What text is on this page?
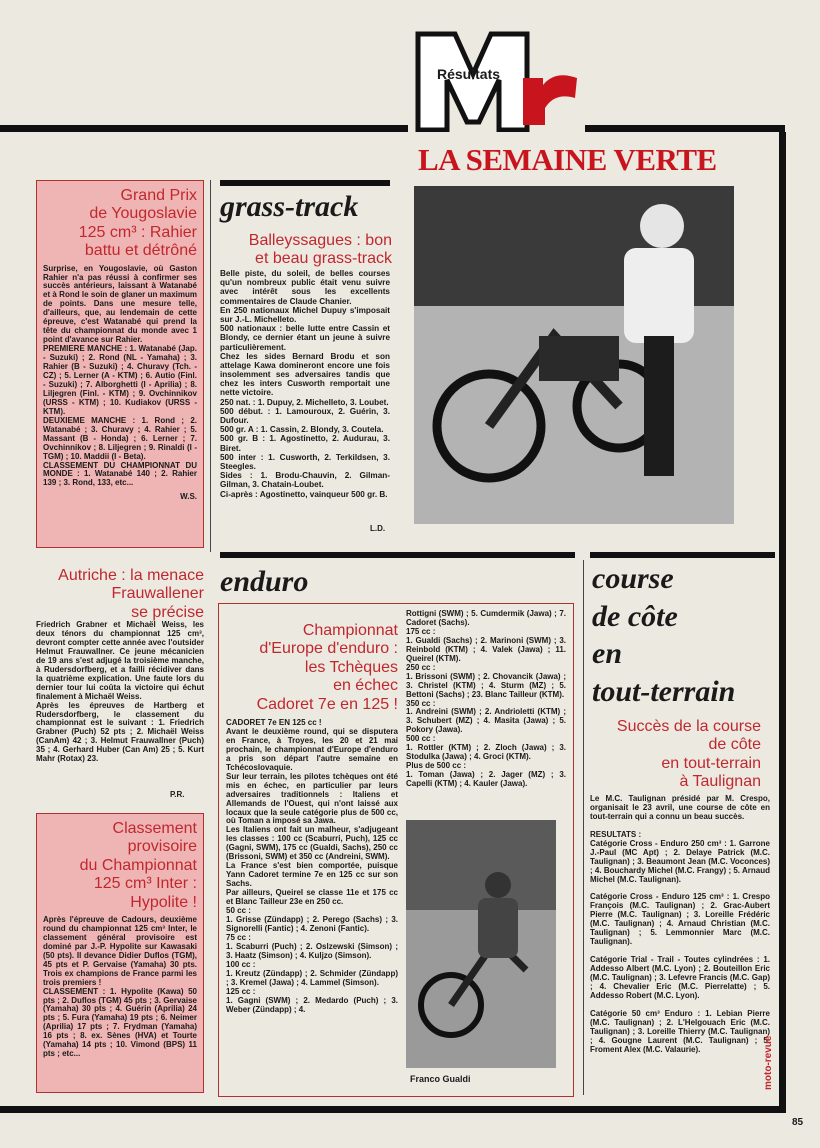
Résultats
LA SEMAINE VERTE
Grand Prix
de Yougoslavie
125 cm³ : Rahier
battu et détrôné
Surprise, en Yougoslavie, où Gaston Rahier n'a pas réussi à confirmer ses succès antérieurs, laissant à Watanabé et à Rond le soin de glaner un maximum de points. Dans une mesure telle, d'ailleurs, que, au lendemain de cette épreuve, c'est Watanabé qui prend la tête du championnat du monde avec 1 point d'avance sur Rahier.
PREMIERE MANCHE : 1. Watanabé (Jap. - Suzuki) ; 2. Rond (NL - Yamaha) ; 3. Rahier (B - Suzuki) ; 4. Churavy (Tch. - CZ) ; 5. Lerner (A - KTM) ; 6. Autio (Finl. - Suzuki) ; 7. Alborghetti (I - Aprilia) ; 8. Liljegren (Finl. - KTM) ; 9. Ovchinnikov (URSS - KTM) ; 10. Kudiakov (URSS - KTM).
DEUXIEME MANCHE : 1. Rond ; 2. Watanabé ; 3. Churavy ; 4. Rahier ; 5. Massant (B - Honda) ; 6. Lerner ; 7. Ovchinnikov ; 8. Liljegren ; 9. Rinaldi (I - TGM) ; 10. Maddii (I - Beta).
CLASSEMENT DU CHAMPIONNAT DU MONDE : 1. Watanabé 140 ; 2. Rahier 139 ; 3. Rond, 133, etc...
W.S.
grass-track
Balleyssagues : bon
et beau grass-track
Belle piste, du soleil, de belles courses qu'un nombreux public était venu suivre avec intérêt sous les excellents commentaires de Claude Chanier.
En 250 nationaux Michel Dupuy s'imposait sur J.-L. Michelleto.
500 nationaux : belle lutte entre Cassin et Blondy, ce dernier étant un jeune à suivre particulièrement.
Chez les sides Bernard Brodu et son attelage Kawa domineront encore une fois insolemment ses adversaires tandis que chez les inters Cusworth remportait une nette victoire.
250 nat. : 1. Dupuy, 2. Michelleto, 3. Loubet.
500 début. : 1. Lamouroux, 2. Guérin, 3. Dufour.
500 gr. A : 1. Cassin, 2. Blondy, 3. Coutela.
500 gr. B : 1. Agostinetto, 2. Audurau, 3. Biret.
500 inter : 1. Cusworth, 2. Terkildsen, 3. Steegles.
Sides : 1. Brodu-Chauvin, 2. Gilman-Gilman, 3. Chatain-Loubet.
Ci-après : Agostinetto, vainqueur 500 gr. B.
L.D.
Autriche : la menace
Frauwallener
se précise
Friedrich Grabner et Michaël Weiss, les deux ténors du championnat 125 cm³, devront compter cette année avec l'outsider Helmut Frauwallner. Ce jeune mécanicien de 19 ans s'est adjugé la troisième manche, à Rudersdorfberg, et a failli récidiver dans la quatrième explication. Une faute lors du dernier tour lui coûta la victoire qui échut finalement à Michaël Weiss.
Après les épreuves de Hartberg et Rudersdorfberg, le classement du championnat est le suivant : 1. Friedrich Grabner (Puch) 52 pts ; 2. Michaël Weiss (CanAm) 42 ; 3. Helmut Frauwallner (Puch) 35 ; 4. Gerhard Huber (Can Am) 25 ; 5. Kurt Mahr (Rotax) 23.
P.R.
Classement
provisoire
du Championnat
125 cm³ Inter :
Hypolite !
Après l'épreuve de Cadours, deuxième round du championnat 125 cm³ Inter, le classement général provisoire est dominé par J.-P. Hypolite sur Kawasaki (50 pts). Il devance Didier Duflos (TGM), 45 pts et P. Gervaise (Yamaha) 30 pts. Trois ex champions de France parmi les trois premiers !
CLASSEMENT : 1. Hypolite (Kawa) 50 pts ; 2. Duflos (TGM) 45 pts ; 3. Gervaise (Yamaha) 30 pts ; 4. Guérin (Aprilia) 24 pts ; 5. Fura (Yamaha) 19 pts ; 6. Neimer (Aprilia) 17 pts ; 7. Frydman (Yamaha) 16 pts ; 8. ex. Sènes (HVA) et Tourte (Yamaha) 14 pts ; 10. Vimond (BPS) 11 pts ; etc...
enduro
Championnat
d'Europe d'enduro :
les Tchèques
en échec
Cadoret 7e en 125 !
CADORET 7e EN 125 cc !
Avant le deuxième round, qui se disputera en France, à Troyes, les 20 et 21 mai prochain, le championnat d'Europe d'enduro a pris son départ l'autre semaine en Tchécoslovaquie.
Sur leur terrain, les pilotes tchèques ont été mis en échec, en particulier par leurs adversaires traditionnels : Italiens et Allemands de l'Ouest, qui n'ont laissé aux locaux que la seule catégorie plus de 500 cc, où Toman a imposé sa Jawa.
Les Italiens ont fait un malheur, s'adjugeant les classes : 100 cc (Scaburri, Puch), 125 cc (Gagni, SWM), 175 cc (Gualdi, Sachs), 250 cc (Brissoni, SWM) et 350 cc (Andreini, SWM).
La France s'est bien comportée, puisque Yann Cadoret termine 7e en 125 cc sur son Sachs.
Par ailleurs, Queirel se classe 11e et 175 cc et Blanc Tailleur 23e en 250 cc.
50 cc :
1. Grisse (Zündapp) ; 2. Perego (Sachs) ; 3. Signorelli (Fantic) ; 4. Zenoni (Fantic).
75 cc :
1. Scaburri (Puch) ; 2. Oslzewski (Simson) ; 3. Haatz (Simson) ; 4. Kuljzo (Simson).
100 cc :
1. Kreutz (Zündapp) ; 2. Schmider (Zündapp) ; 3. Kremel (Jawa) ; 4. Lammel (Simson).
125 cc :
1. Gagni (SWM) ; 2. Medardo (Puch) ; 3. Weber (Zündapp) ; 4.
Rottigni (SWM) ; 5. Cumdermik (Jawa) ; 7. Cadoret (Sachs).
175 cc :
1. Gualdi (Sachs) ; 2. Marinoni (SWM) ; 3. Reinbold (KTM) ; 4. Valek (Jawa) ; 11. Queirel (KTM).
250 cc :
1. Brissoni (SWM) ; 2. Chovancik (Jawa) ; 3. Christel (KTM) ; 4. Sturm (MZ) ; 5. Bettoni (Sachs) ; 23. Blanc Tailleur (KTM).
350 cc :
1. Andreini (SWM) ; 2. Andrioletti (KTM) ; 3. Schubert (MZ) ; 4. Masita (Jawa) ; 5. Pokory (Jawa).
500 cc :
1. Rottler (KTM) ; 2. Zloch (Jawa) ; 3. Stodulka (Jawa) ; 4. Groci (KTM).
Plus de 500 cc :
1. Toman (Jawa) ; 2. Jager (MZ) ; 3. Capelli (KTM) ; 4. Kauler (Jawa).
Franco Gualdi
course
de côte
en
tout-terrain
Succès de la course
de côte
en tout-terrain
à Taulignan
Le M.C. Taulignan présidé par M. Crespo, organisait le 23 avril, une course de côte en tout-terrain qui a connu un beau succès.

RESULTATS :
Catégorie Cross - Enduro 250 cm³ : 1. Garrone J.-Paul (MC Apt) ; 2. Delaye Patrick (M.C. Taulignan) ; 3. Beaumont Jean (M.C. Voconces) ; 4. Bouchardy Michel (M.C. Frangy) ; 5. Arnaud Michel (M.C. Taulignan).

Catégorie Cross - Enduro 125 cm³ : 1. Crespo François (M.C. Taulignan) ; 2. Grac-Aubert Pierre (M.C. Taulignan) ; 3. Loreille Frédéric (M.C. Taulignan) ; 4. Arnaud Christian (M.C. Taulignan) ; 5. Lemmonnier Marc (M.C. Taulignan).

Catégorie Trial - Trail - Toutes cylindrées : 1. Addesso Albert (M.C. Lyon) ; 2. Bouteillon Eric (M.C. Taulignan) ; 3. Lefevre Francis (M.C. Gap) ; 4. Chevalier Eric (M.C. Pierrelatte) ; 5. Addesso Robert (M.C. Lyon).

Catégorie 50 cm³ Enduro : 1. Lebian Pierre (M.C. Taulignan) ; 2. L'Helgouach Eric (M.C. Taulignan) ; 3. Loreille Thierry (M.C. Taulignan) ; 4. Gougne Laurent (M.C. Taulignan) ; 5. Froment Alex (M.C. Valaurie).	moto-revue
85
